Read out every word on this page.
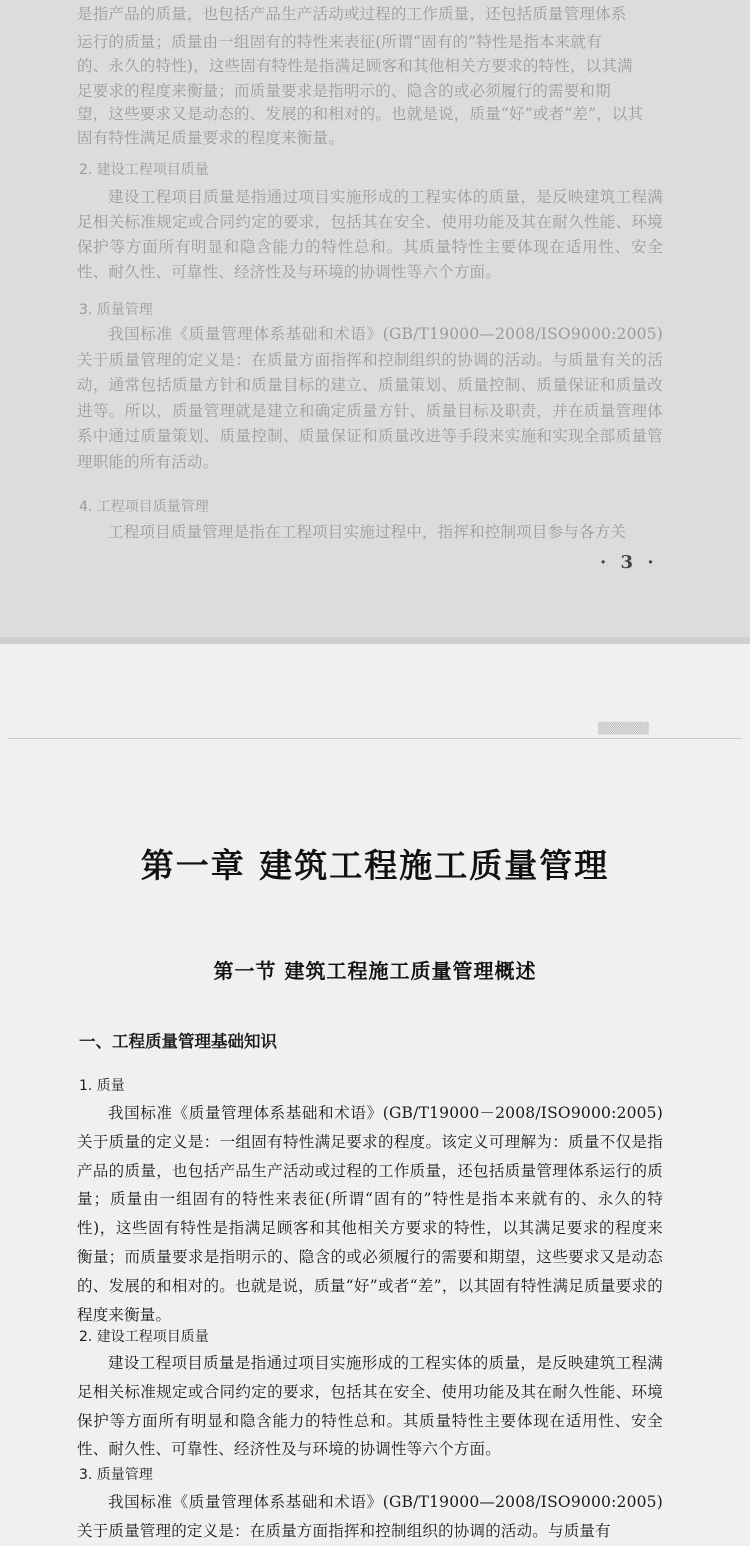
是指产品的质量，也包括产品生产活动或过程的工作质量，还包括质量管理体系

运行的质量；质量由一组固有的特性来表征(所谓“固有的”特性是指本来就有

的、永久的特性)，这些固有特性是指满足顾客和其他相关方要求的特性，以其满

足要求的程度来衡量；而质量要求是指明示的、隐含的或必须履行的需要和期

望，这些要求又是动态的、发展的和相对的。也就是说，质量“好”或者“差”，以其

固有特性满足质量要求的程度来衡量。

2. 建设工程项目质量

建设工程项目质量是指通过项目实施形成的工程实体的质量，是反映建筑工程满足相关标准规定或合同约定的要求，包括其在安全、使用功能及其在耐久性能、环境保护等方面所有明显和隐含能力的特性总和。其质量特性主要体现在适用性、安全性、耐久性、可靠性、经济性及与环境的协调性等六个方面。

3. 质量管理

我国标准《质量管理体系基础和术语》(GB/T19000—2008/ISO9000:2005)关于质量管理的定义是：在质量方面指挥和控制组织的协调的活动。与质量有关的活动，通常包括质量方针和质量目标的建立、质量策划、质量控制、质量保证和质量改进等。所以，质量管理就是建立和确定质量方针、质量目标及职责，并在质量管理体系中通过质量策划、质量控制、质量保证和质量改进等手段来实施和实现全部质量管理职能的所有活动。

4. 工程项目质量管理

工程项目质量管理是指在工程项目实施过程中，指挥和控制项目参与各方关

· 3 ·
▒▒▒▒▒▒
第一章 建筑工程施工质量管理
第一节 建筑工程施工质量管理概述
一、工程质量管理基础知识

1. 质量

我国标准《质量管理体系基础和术语》(GB/T19000－2008/ISO9000:2005)关于质量的定义是：一组固有特性满足要求的程度。该定义可理解为：质量不仅是指产品的质量，也包括产品生产活动或过程的工作质量，还包括质量管理体系运行的质量；质量由一组固有的特性来表征(所谓“固有的”特性是指本来就有的、永久的特性)，这些固有特性是指满足顾客和其他相关方要求的特性，以其满足要求的程度来衡量；而质量要求是指明示的、隐含的或必须履行的需要和期望，这些要求又是动态的、发展的和相对的。也就是说，质量“好”或者“差”，以其固有特性满足质量要求的程度来衡量。

2. 建设工程项目质量

建设工程项目质量是指通过项目实施形成的工程实体的质量，是反映建筑工程满足相关标准规定或合同约定的要求，包括其在安全、使用功能及其在耐久性能、环境保护等方面所有明显和隐含能力的特性总和。其质量特性主要体现在适用性、安全性、耐久性、可靠性、经济性及与环境的协调性等六个方面。

3. 质量管理

我国标准《质量管理体系基础和术语》(GB/T19000—2008/ISO9000:2005)关于质量管理的定义是：在质量方面指挥和控制组织的协调的活动。与质量有
